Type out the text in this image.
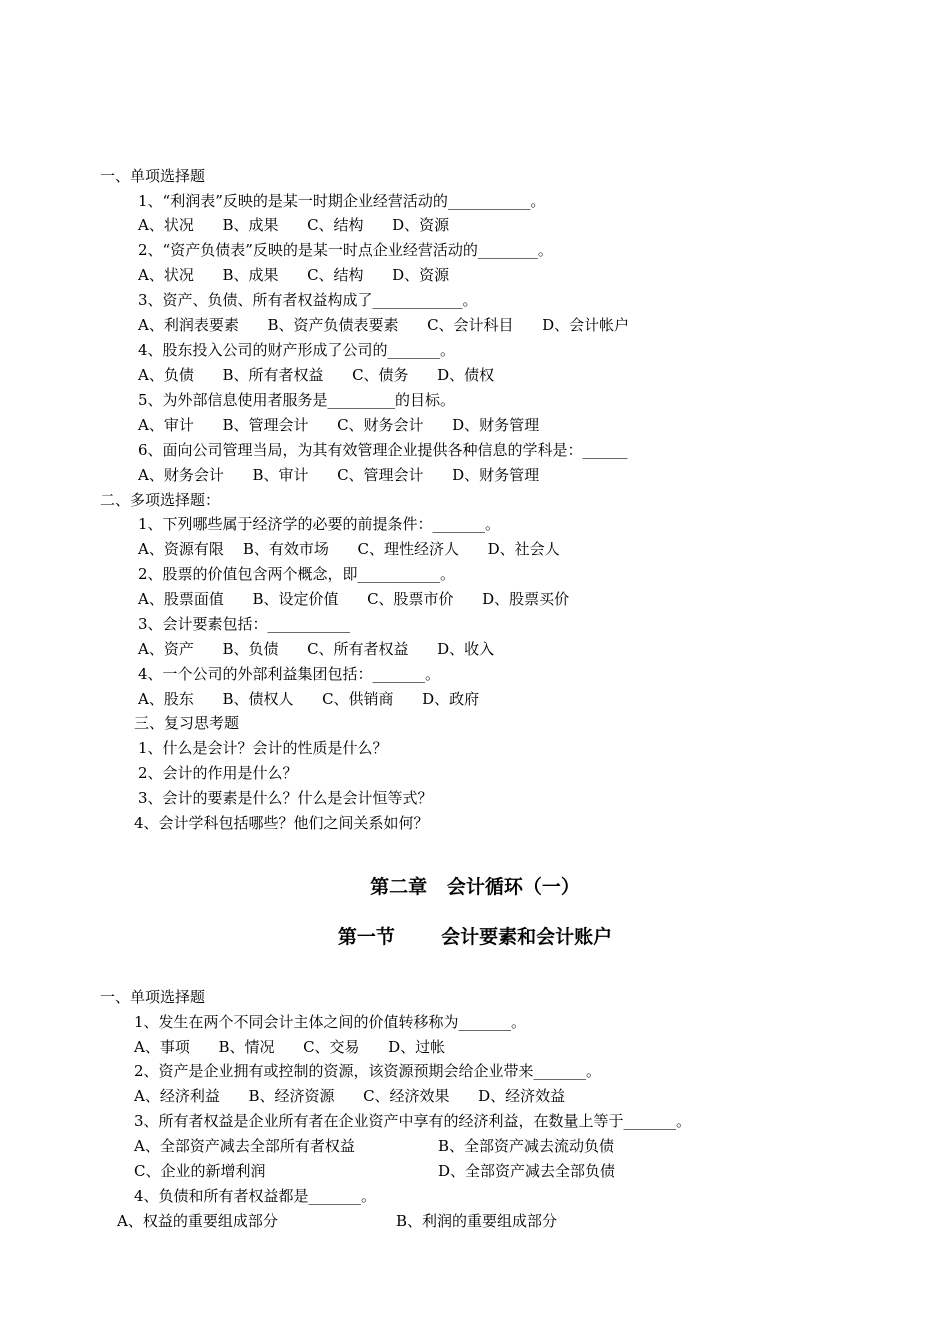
一、单项选择题
1、“利润表”反映的是某一时期企业经营活动的___________。
A、状况      B、成果      C、结构      D、资源
2、“资产负债表”反映的是某一时点企业经营活动的________。
A、状况      B、成果      C、结构      D、资源
3、资产、负债、所有者权益构成了____________。
A、利润表要素      B、资产负债表要素      C、会计科目      D、会计帐户
4、股东投入公司的财产形成了公司的_______。
A、负债      B、所有者权益      C、债务      D、债权
5、为外部信息使用者服务是_________的目标。
A、审计      B、管理会计      C、财务会计      D、财务管理
6、面向公司管理当局，为其有效管理企业提供各种信息的学科是：______
A、财务会计      B、审计      C、管理会计      D、财务管理
二、多项选择题：
1、下列哪些属于经济学的必要的前提条件：_______。
A、资源有限    B、有效市场      C、理性经济人      D、社会人
2、股票的价值包含两个概念，即___________。
A、股票面值      B、设定价值      C、股票市价      D、股票买价
3、会计要素包括：___________
A、资产      B、负债      C、所有者权益      D、收入
4、一个公司的外部利益集团包括：_______。
A、股东      B、债权人      C、供销商      D、政府
三、复习思考题
1、什么是会计？会计的性质是什么？
2、会计的作用是什么？
3、会计的要素是什么？什么是会计恒等式？
4、会计学科包括哪些？他们之间关系如何？
第二章   会计循环（一）
第一节       会计要素和会计账户
一、单项选择题
1、发生在两个不同会计主体之间的价值转移称为_______。
A、事项      B、情况      C、交易      D、过帐
2、资产是企业拥有或控制的资源，该资源预期会给企业带来_______。
A、经济利益      B、经济资源      C、经济效果      D、经济效益
3、所有者权益是企业所有者在企业资产中享有的经济利益，在数量上等于_______。
A、全部资产减去全部所有者权益	B、全部资产减去流动负债
C、企业的新增利润	D、全部资产减去全部负债
4、负债和所有者权益都是_______。
A、权益的重要组成部分	B、利润的重要组成部分
